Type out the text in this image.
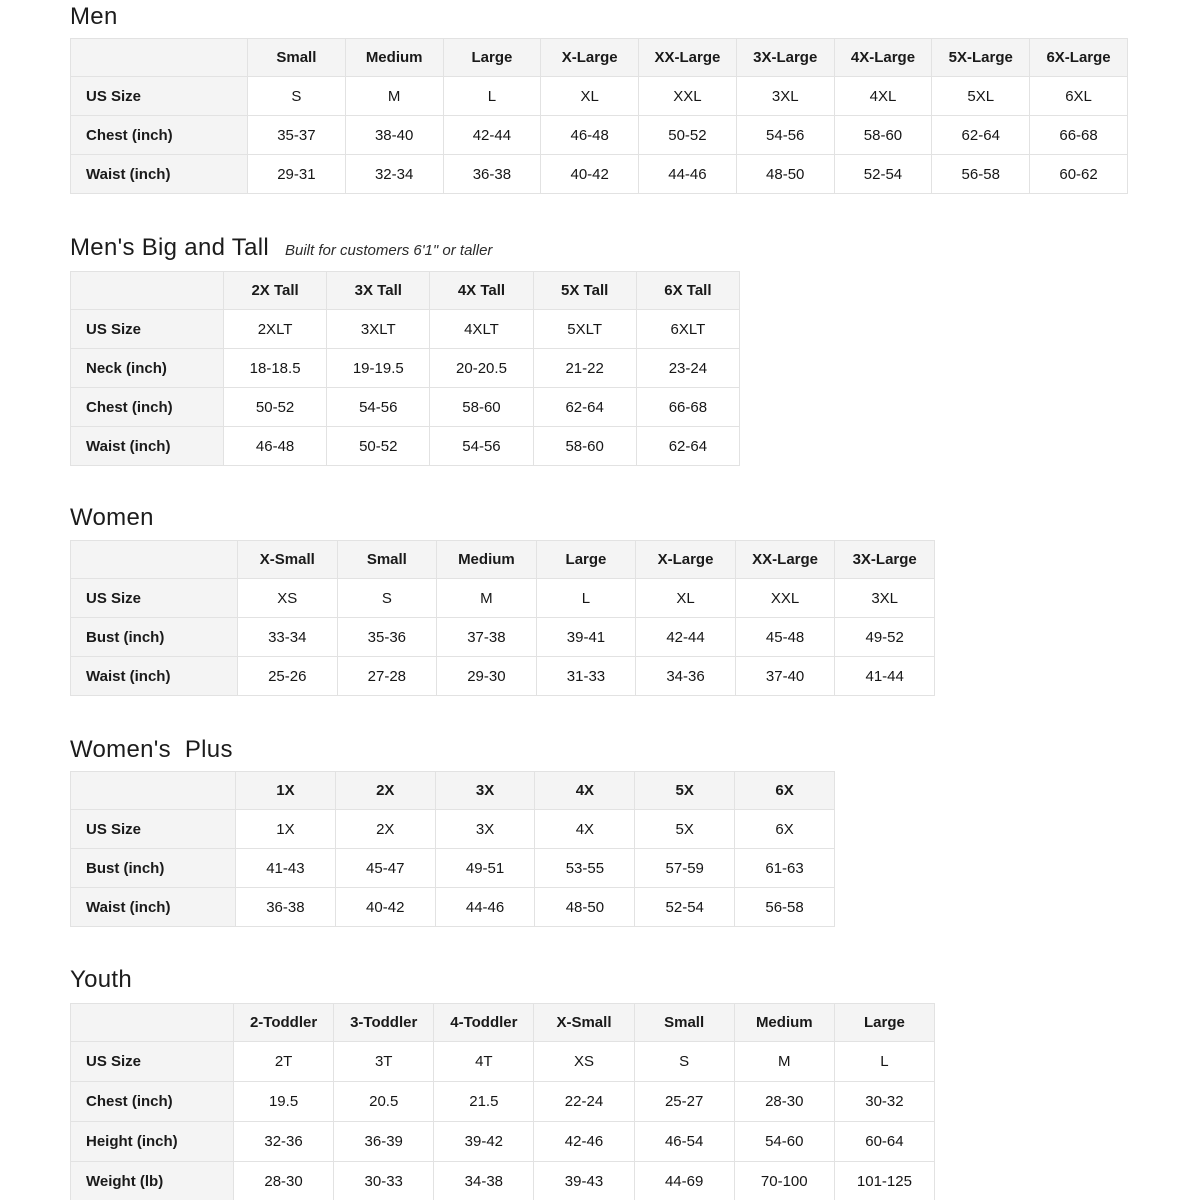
Men
	Small	Medium	Large	X-Large	XX-Large	3X-Large	4X-Large	5X-Large	6X-Large
US Size	S	M	L	XL	XXL	3XL	4XL	5XL	6XL
Chest (inch)	35-37	38-40	42-44	46-48	50-52	54-56	58-60	62-64	66-68
Waist (inch)	29-31	32-34	36-38	40-42	44-46	48-50	52-54	56-58	60-62
Men's Big and Tall Built for customers 6'1" or taller
	2X Tall	3X Tall	4X Tall	5X Tall	6X Tall
US Size	2XLT	3XLT	4XLT	5XLT	6XLT
Neck (inch)	18-18.5	19-19.5	20-20.5	21-22	23-24
Chest (inch)	50-52	54-56	58-60	62-64	66-68
Waist (inch)	46-48	50-52	54-56	58-60	62-64
Women
	X-Small	Small	Medium	Large	X-Large	XX-Large	3X-Large
US Size	XS	S	M	L	XL	XXL	3XL
Bust (inch)	33-34	35-36	37-38	39-41	42-44	45-48	49-52
Waist (inch)	25-26	27-28	29-30	31-33	34-36	37-40	41-44
Women's  Plus
	1X	2X	3X	4X	5X	6X
US Size	1X	2X	3X	4X	5X	6X
Bust (inch)	41-43	45-47	49-51	53-55	57-59	61-63
Waist (inch)	36-38	40-42	44-46	48-50	52-54	56-58
Youth
	2-Toddler	3-Toddler	4-Toddler	X-Small	Small	Medium	Large
US Size	2T	3T	4T	XS	S	M	L
Chest (inch)	19.5	20.5	21.5	22-24	25-27	28-30	30-32
Height (inch)	32-36	36-39	39-42	42-46	46-54	54-60	60-64
Weight (lb)	28-30	30-33	34-38	39-43	44-69	70-100	101-125
